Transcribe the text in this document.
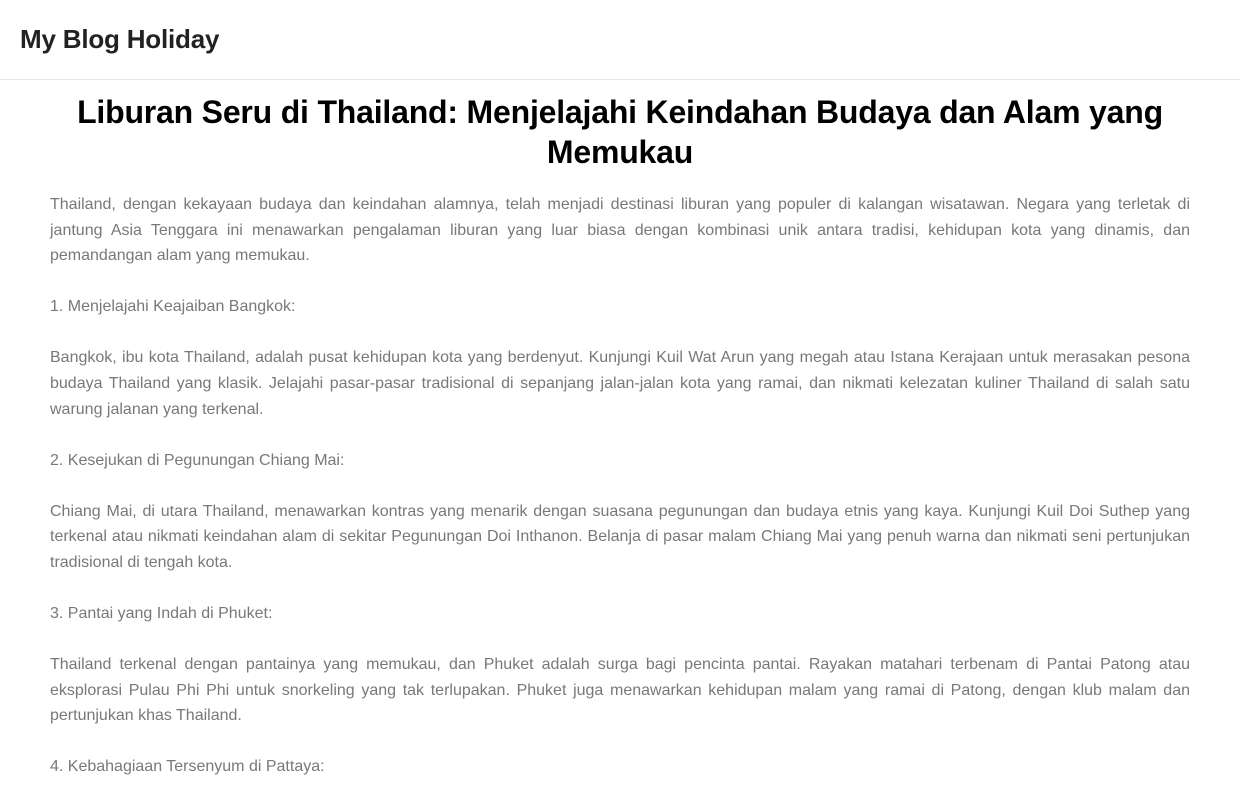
My Blog Holiday
Liburan Seru di Thailand: Menjelajahi Keindahan Budaya dan Alam yang Memukau

Thailand, dengan kekayaan budaya dan keindahan alamnya, telah menjadi destinasi liburan yang populer di kalangan wisatawan. Negara yang terletak di jantung Asia Tenggara ini menawarkan pengalaman liburan yang luar biasa dengan kombinasi unik antara tradisi, kehidupan kota yang dinamis, dan pemandangan alam yang memukau.

1. Menjelajahi Keajaiban Bangkok:

Bangkok, ibu kota Thailand, adalah pusat kehidupan kota yang berdenyut. Kunjungi Kuil Wat Arun yang megah atau Istana Kerajaan untuk merasakan pesona budaya Thailand yang klasik. Jelajahi pasar-pasar tradisional di sepanjang jalan-jalan kota yang ramai, dan nikmati kelezatan kuliner Thailand di salah satu warung jalanan yang terkenal.

2. Kesejukan di Pegunungan Chiang Mai:

Chiang Mai, di utara Thailand, menawarkan kontras yang menarik dengan suasana pegunungan dan budaya etnis yang kaya. Kunjungi Kuil Doi Suthep yang terkenal atau nikmati keindahan alam di sekitar Pegunungan Doi Inthanon. Belanja di pasar malam Chiang Mai yang penuh warna dan nikmati seni pertunjukan tradisional di tengah kota.

3. Pantai yang Indah di Phuket:

Thailand terkenal dengan pantainya yang memukau, dan Phuket adalah surga bagi pencinta pantai. Rayakan matahari terbenam di Pantai Patong atau eksplorasi Pulau Phi Phi untuk snorkeling yang tak terlupakan. Phuket juga menawarkan kehidupan malam yang ramai di Patong, dengan klub malam dan pertunjukan khas Thailand.

4. Kebahagiaan Tersenyum di Pattaya:
